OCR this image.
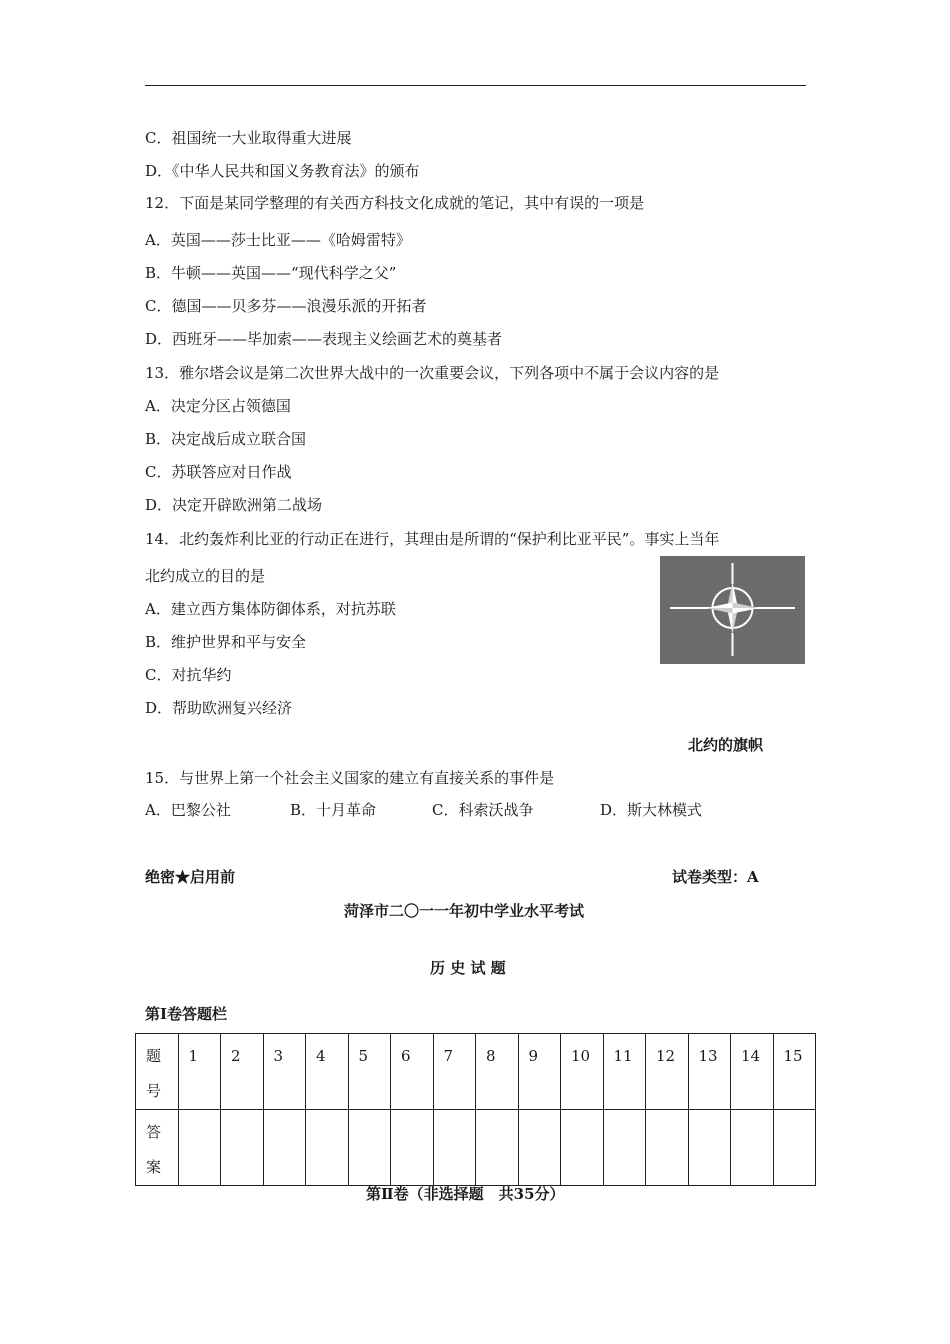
C．祖国统一大业取得重大进展
D．《中华人民共和国义务教育法》的颁布
12．下面是某同学整理的有关西方科技文化成就的笔记，其中有误的一项是
A．英国——莎士比亚——《哈姆雷特》
B．牛顿——英国——“现代科学之父”
C．德国——贝多芬——浪漫乐派的开拓者
D．西班牙——毕加索——表现主义绘画艺术的奠基者
13．雅尔塔会议是第二次世界大战中的一次重要会议，下列各项中不属于会议内容的是
A．决定分区占领德国
B．决定战后成立联合国
C．苏联答应对日作战
D．决定开辟欧洲第二战场
14．北约轰炸利比亚的行动正在进行，其理由是所谓的“保护利比亚平民”。事实上当年
北约成立的目的是
A．建立西方集体防御体系，对抗苏联
B．维护世界和平与安全
C．对抗华约
D．帮助欧洲复兴经济
北约的旗帜
15．与世界上第一个社会主义国家的建立有直接关系的事件是
A．巴黎公社	B．十月革命	C．科索沃战争	D．斯大林模式
绝密★启用前	试卷类型：A
菏泽市二〇一一年初中学业水平考试
历 史 试 题
第Ⅰ卷答题栏
题号	1	2	3	4	5	6	7	8	9	10	11	12	13	14	15

答案															

第Ⅱ卷（非选择题　共35分）
